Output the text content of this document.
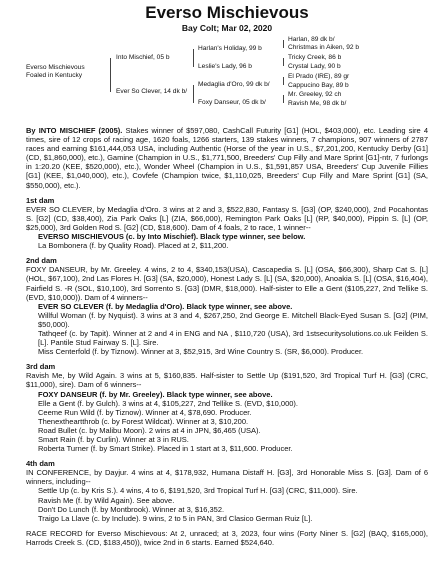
Everso Mischievous
Bay Colt; Mar 02, 2020
Everso Mischievous
Foaled in Kentucky
Into Mischief, 05 b
Ever So Clever, 14 dk b/
Harlan's Holiday, 99 b
Leslie's Lady, 96 b
Medaglia d'Oro, 99 dk b/
Foxy Danseur, 05 dk b/
Harlan, 89 dk b/
Christmas in Aiken, 92 b
Tricky Creek, 86 b
Crystal Lady, 90 b
El Prado (IRE), 89 gr
Cappucino Bay, 89 b
Mr. Greeley, 92 ch
Ravish Me, 98 dk b/

By INTO MISCHIEF (2005). Stakes winner of $597,080, CashCall Futurity [G1] (HOL, $403,000), etc. Leading sire 4 times, sire of 12 crops of racing age, 1620 foals, 1266 starters, 139 stakes winners, 7 champions, 907 winners of 2787 races and earning $161,444,053 USA, including Authentic (Horse of the year in U.S., $7,201,200, Kentucky Derby [G1] (CD, $1,860,000), etc.), Gamine (Champion in U.S., $1,771,500, Breeders' Cup Filly and Mare Sprint [G1]-ntr, 7 furlongs in 1:20.20 (KEE, $520,000), etc.), Wonder Wheel (Champion in U.S., $1,591,857 USA, Breeders' Cup Juvenile Fillies [G1] (KEE, $1,040,000), etc.), Covfefe (Champion twice, $1,110,025, Breeders' Cup Filly and Mare Sprint [G1] (SA, $550,000), etc.).

1st dam

EVER SO CLEVER, by Medaglia d'Oro. 3 wins at 2 and 3, $522,830, Fantasy S. [G3] (OP, $240,000), 2nd Pocahontas S. [G2] (CD, $38,400), Zia Park Oaks [L] (ZIA, $66,000), Remington Park Oaks [L] (RP, $40,000), Pippin S. [L] (OP, $25,000), 3rd Golden Rod S. [G2] (CD, $18,600). Dam of 4 foals, 2 to race, 1 winner--

EVERSO MISCHIEVOUS (c. by Into Mischief). Black type winner, see below.

La Bombonera (f. by Quality Road). Placed at 2, $11,200.

2nd dam

FOXY DANSEUR, by Mr. Greeley. 4 wins, 2 to 4, $340,153(USA), Cascapedia S. [L] (OSA, $66,300), Sharp Cat S. [L] (HOL, $67,100), 2nd Las Flores H. [G3] (SA, $20,000), Honest Lady S. [L] (SA, $20,000), Anoakia S. [L] (OSA, $16,404), Fairfield S. -R (SOL, $10,100), 3rd Sorrento S. [G3] (DMR, $18,000). Half-sister to Elle a Gent ($105,227, 2nd Tellike S. (EVD, $10,000)). Dam of 4 winners--

EVER SO CLEVER (f. by Medaglia d'Oro). Black type winner, see above.

Willful Woman (f. by Nyquist). 3 wins at 3 and 4, $267,250, 2nd George E. Mitchell Black-Eyed Susan S. [G2] (PIM, $50,000).

Tathqeef (c. by Tapit). Winner at 2 and 4 in ENG and NA , $110,720 (USA), 3rd 1stsecuritysolutions.co.uk Feilden S. [L]. Pantile Stud Fairway S. [L]. Sire.

Miss Centerfold (f. by Tiznow). Winner at 3, $52,915, 3rd Wine Country S. (SR, $6,000). Producer.

3rd dam

Ravish Me, by Wild Again. 3 wins at 5, $160,835. Half-sister to Settle Up ($191,520, 3rd Tropical Turf H. [G3] (CRC, $11,000), sire). Dam of 6 winners--

FOXY DANSEUR (f. by Mr. Greeley). Black type winner, see above.

Elle a Gent (f. by Gulch). 3 wins at 4, $105,227, 2nd Tellike S. (EVD, $10,000).

Ceeme Run Wild (f. by Tiznow). Winner at 4, $78,690. Producer.

Thenextheartthrob (c. by Forest Wildcat). Winner at 3, $10,200.

Road Bullet (c. by Malibu Moon). 2 wins at 4 in JPN, $6,465 (USA).

Smart Rain (f. by Curlin). Winner at 3 in RUS.

Roberta Turner (f. by Smart Strike). Placed in 1 start at 3, $11,600. Producer.

4th dam

IN CONFERENCE, by Dayjur. 4 wins at 4, $178,932, Humana Distaff H. [G3], 3rd Honorable Miss S. [G3]. Dam of 6 winners, including--

Settle Up (c. by Kris S.). 4 wins, 4 to 6, $191,520, 3rd Tropical Turf H. [G3] (CRC, $11,000). Sire.

Ravish Me (f. by Wild Again). See above.

Don't Do Lunch (f. by Montbrook). Winner at 3, $16,352.

Traigo La Llave (c. by Include). 9 wins, 2 to 5 in PAN, 3rd Clasico German Ruiz [L].

RACE RECORD for Everso Mischievous: At 2, unraced; at 3, 2023, four wins (Forty Niner S. [G2] (BAQ, $165,000), Harrods Creek S. (CD, $183,450)), twice 2nd in 6 starts. Earned $524,640.
